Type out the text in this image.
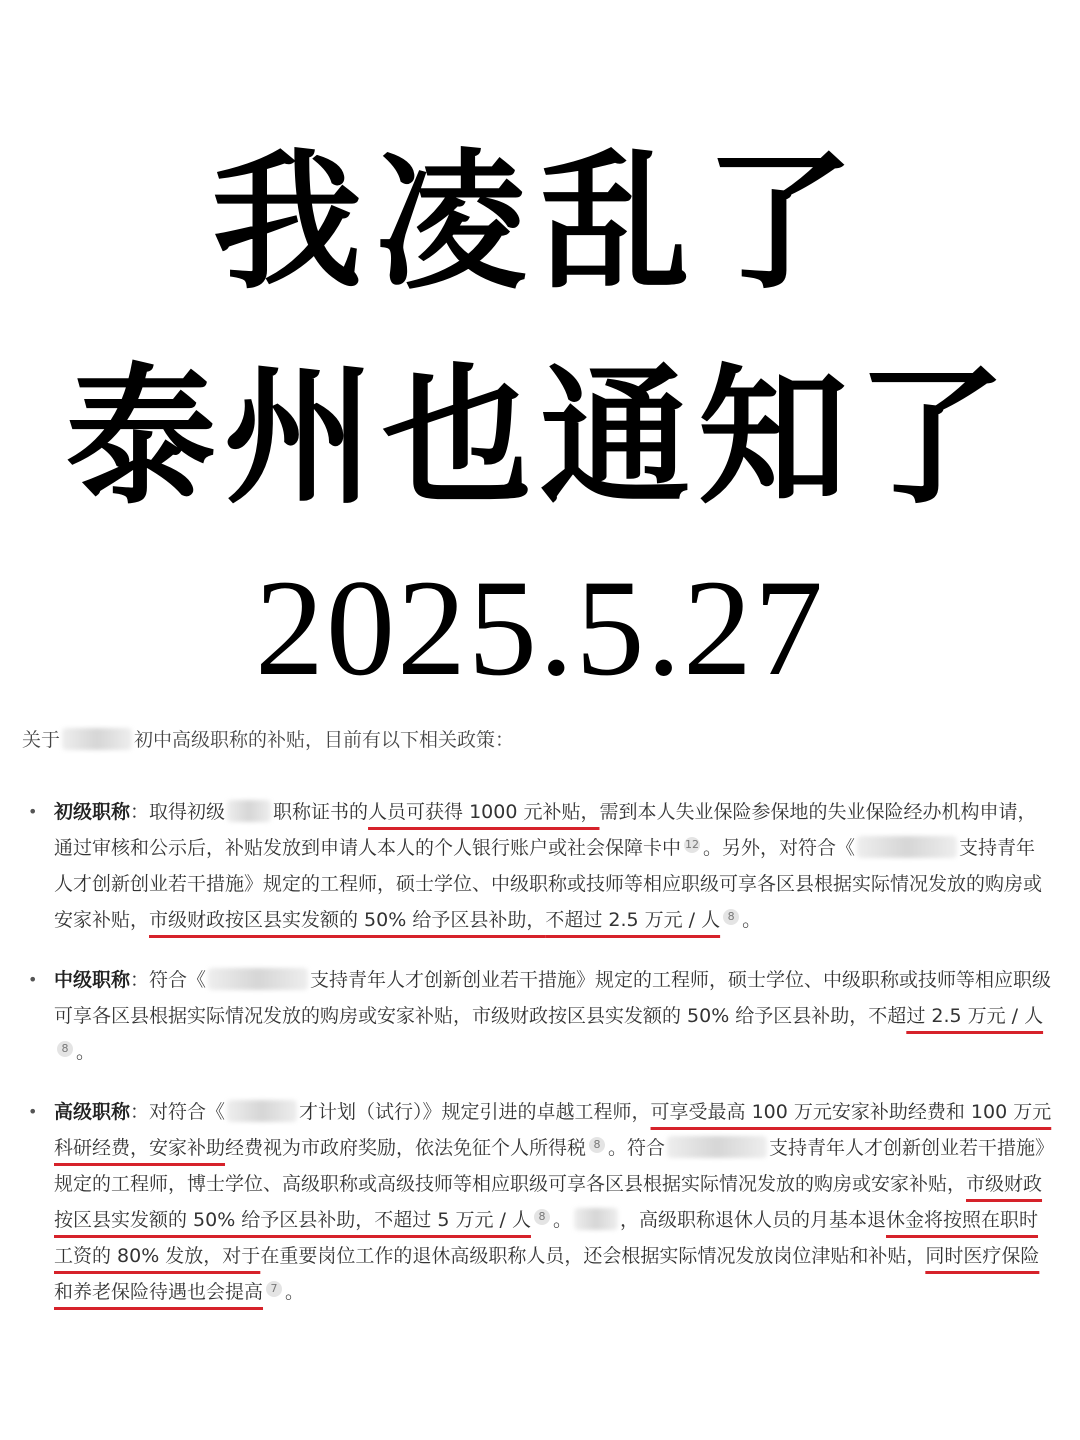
我凌乱了
泰州也通知了
2025.5.27

关于	初中高级职称的补贴，目前有以下相关政策：

• 初级职称：取得初级	职称证书的人员可获得 1000 元补贴，需到本人失业保险参保地的失业保险经办机构申请，通过审核和公示后，补贴发放到申请人本人的个人银行账户或社会保障卡中 12 。另外，对符合《	支持青年人才创新创业若干措施》规定的工程师，硕士学位、中级职称或技师等相应职级可享各区县根据实际情况发放的购房或安家补贴，市级财政按区县实发额的 50% 给予区县补助，不超过 2.5 万元 / 人 8 。
• 中级职称：符合《	支持青年人才创新创业若干措施》规定的工程师，硕士学位、中级职称或技师等相应职级可享各区县根据实际情况发放的购房或安家补贴，市级财政按区县实发额的 50% 给予区县补助，不超过 2.5 万元 / 人8 。
• 高级职称：对符合《	才计划（试行）》规定引进的卓越工程师，可享受最高 100 万元安家补助经费和 100 万元科研经费，安家补助经费视为市政府奖励，依法免征个人所得税 8 。符合	支持青年人才创新创业若干措施》规定的工程师，博士学位、高级职称或高级技师等相应职级可享各区县根据实际情况发放的购房或安家补贴，市级财政按区县实发额的 50% 给予区县补助，不超过 5 万元 / 人 8 。	，高级职称退休人员的月基本退休金将按照在职时工资的 80% 发放，对于在重要岗位工作的退休高级职称人员，还会根据实际情况发放岗位津贴和补贴，同时医疗保险和养老保险待遇也会提高 7 。
